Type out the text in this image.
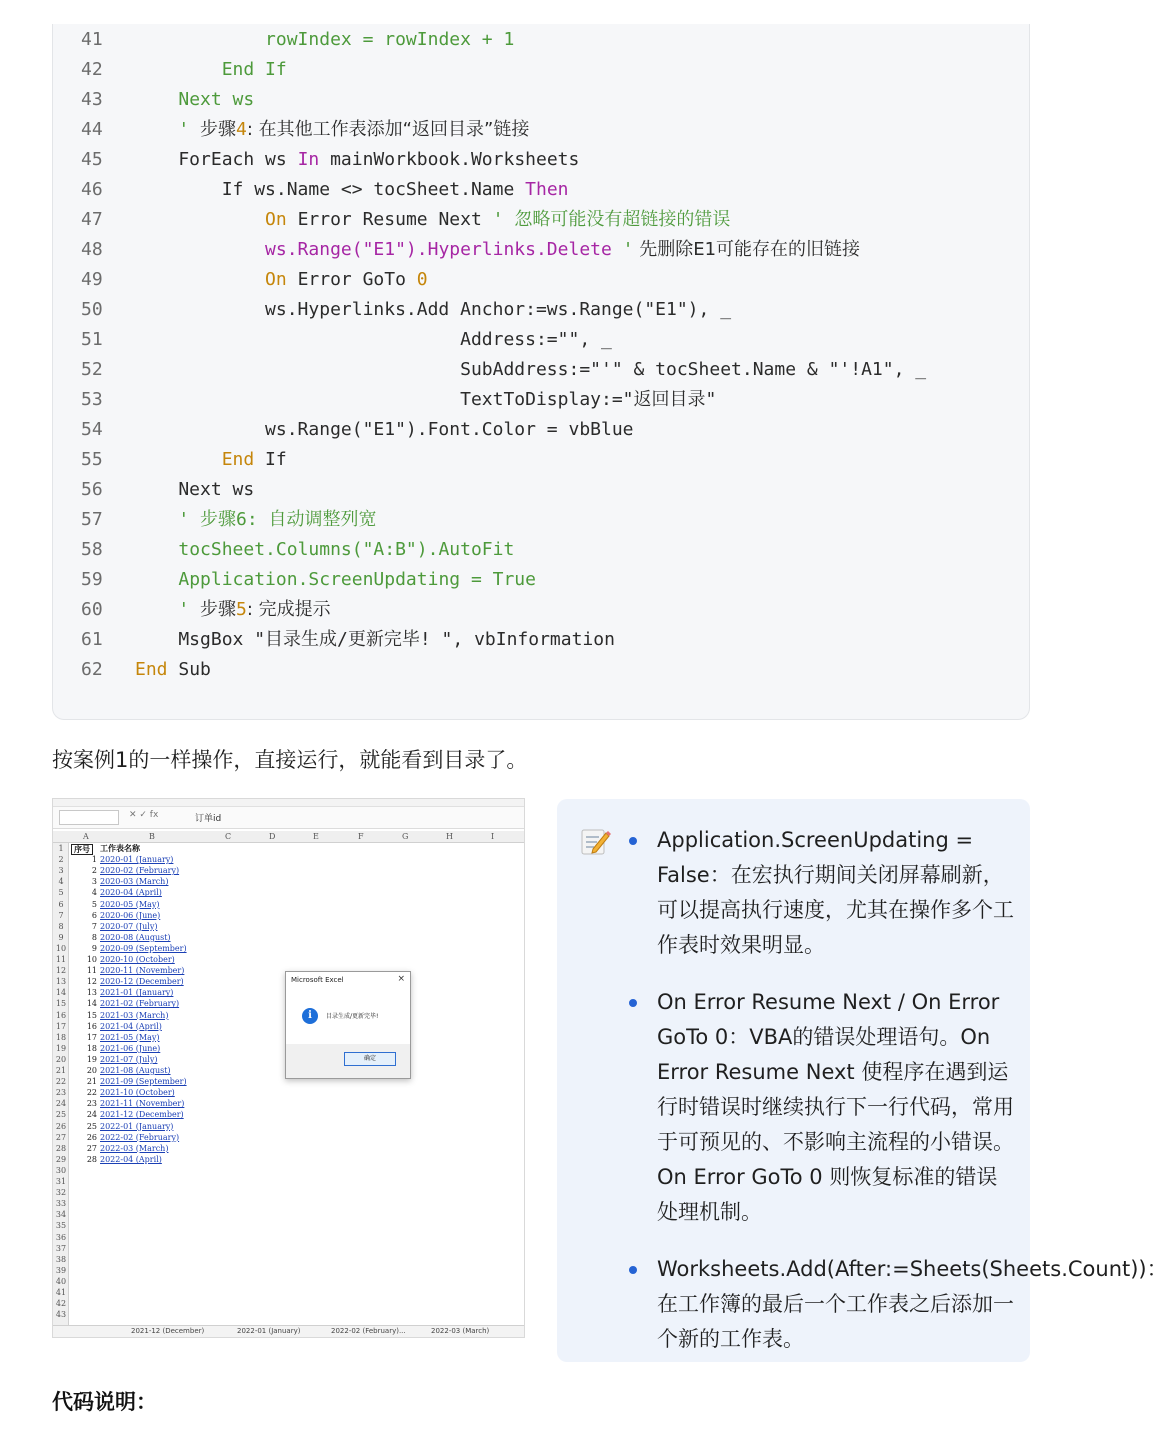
41	rowIndex = rowIndex + 1
42	End If
43	Next ws
44	' 步骤4: 在其他工作表添加“返回目录”链接
45	ForEach ws In mainWorkbook.Worksheets
46	If ws.Name <> tocSheet.Name Then
47	On Error Resume Next ' 忽略可能没有超链接的错误
48	ws.Range("E1").Hyperlinks.Delete ' 先删除E1可能存在的旧链接
49	On Error GoTo 0
50	ws.Hyperlinks.Add Anchor:=ws.Range("E1"), _
51	Address:="", _
52	SubAddress:="'" & tocSheet.Name & "'!A1", _
53	TextToDisplay:="返回目录"
54	ws.Range("E1").Font.Color = vbBlue
55	End If
56	Next ws
57	' 步骤6: 自动调整列宽
58	tocSheet.Columns("A:B").AutoFit
59	Application.ScreenUpdating = True
60	' 步骤5: 完成提示
61	MsgBox "目录生成/更新完毕! ", vbInformation
62	End Sub
按案例1的一样操作，直接运行，就能看到目录了。
✕ ✓ fx	订单id
A	B	C	D	E	F	G	H	I
1
2
3
4
5
6
7
8
9
10
11
12
13
14
15
16
17
18
19
20
21
22
23
24
25
26
27
28
29
30
31
32
33
34
35
36
37
38
39
40
41
42
43
序号	工作表名称
1 2020-01 (January)
2 2020-02 (February)
3 2020-03 (March)
4 2020-04 (April)
5 2020-05 (May)
6 2020-06 (June)
7 2020-07 (July)
8 2020-08 (August)
9 2020-09 (September)
10 2020-10 (October)
11 2020-11 (November)
12 2020-12 (December)
13 2021-01 (January)
14 2021-02 (February)
15 2021-03 (March)
16 2021-04 (April)
17 2021-05 (May)
18 2021-06 (June)
19 2021-07 (July)
20 2021-08 (August)
21 2021-09 (September)
22 2021-10 (October)
23 2021-11 (November)
24 2021-12 (December)
25 2022-01 (January)
26 2022-02 (February)
27 2022-03 (March)
28 2022-04 (April)
2021-12 (December)	2022-01 (January)	2022-02 (February)...	2022-03 (March)
Microsoft Excel	×
i	目录生成/更新完毕!
确定
Application.ScreenUpdating = False：在宏执行期间关闭屏幕刷新，可以提高执行速度，尤其在操作多个工作表时效果明显。
On Error Resume Next / On Error GoTo 0：VBA的错误处理语句。On Error Resume Next 使程序在遇到运行时错误时继续执行下一行代码，常用于可预见的、不影响主流程的小错误。On Error GoTo 0 则恢复标准的错误处理机制。
Worksheets.Add(After:=Sheets(Sheets.Count))：在工作簿的最后一个工作表之后添加一个新的工作表。
代码说明：
